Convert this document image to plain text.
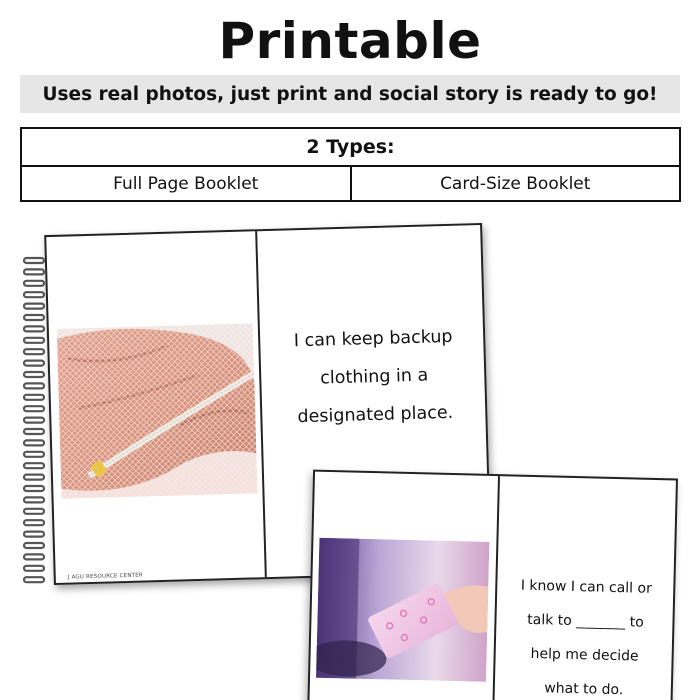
Printable
Uses real photos, just print and social story is ready to go!
2 Types:
Full Page Booklet	Card-Size Booklet
I can keep backup
clothing in a
designated place.
J AGU RESOURCE CENTER
I know I can call or
talk to _______ to
help me decide
what to do.
